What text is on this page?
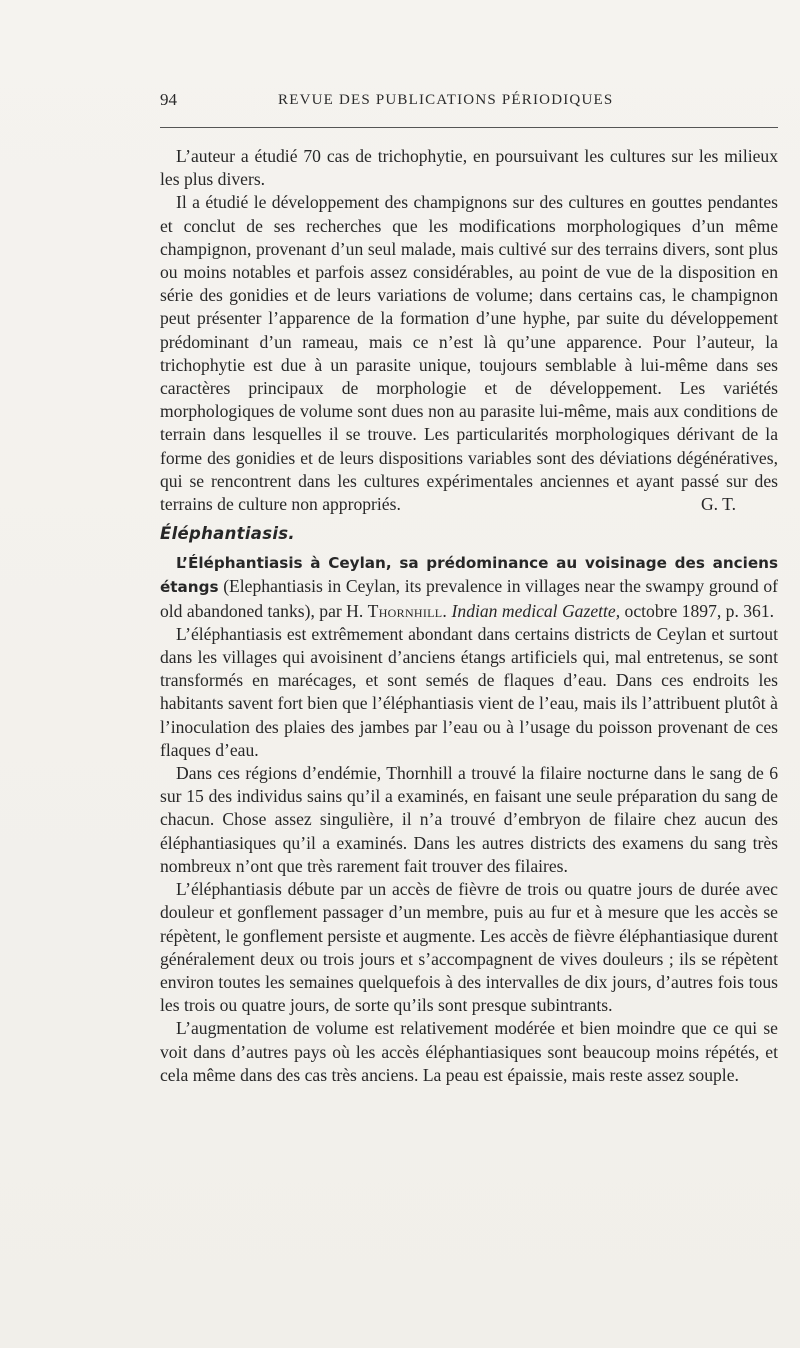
94	REVUE DES PUBLICATIONS PÉRIODIQUES

L’auteur a étudié 70 cas de trichophytie, en poursuivant les cultures sur les milieux les plus divers.

Il a étudié le développement des champignons sur des cultures en gouttes pendantes et conclut de ses recherches que les modifications morphologiques d’un même champignon, provenant d’un seul malade, mais cultivé sur des terrains divers, sont plus ou moins notables et parfois assez considérables, au point de vue de la disposition en série des gonidies et de leurs variations de volume; dans certains cas, le champignon peut présenter l’apparence de la formation d’une hyphe, par suite du développement prédominant d’un rameau, mais ce n’est là qu’une apparence. Pour l’auteur, la trichophytie est due à un parasite unique, toujours semblable à lui-même dans ses caractères principaux de morphologie et de développement. Les variétés morphologiques de volume sont dues non au parasite lui-même, mais aux conditions de terrain dans lesquelles il se trouve. Les particularités morphologiques dérivant de la forme des gonidies et de leurs dispositions variables sont des déviations dégénératives, qui se rencontrent dans les cultures expérimentales anciennes et ayant passé sur des terrains de culture non appropriés.	G. T.

Éléphantiasis.

L’Éléphantiasis à Ceylan, sa prédominance au voisinage des anciens étangs (Elephantiasis in Ceylan, its prevalence in villages near the swampy ground of old abandoned tanks), par H. Thornhill. Indian medical Gazette, octobre 1897, p. 361.

L’éléphantiasis est extrêmement abondant dans certains districts de Ceylan et surtout dans les villages qui avoisinent d’anciens étangs artificiels qui, mal entretenus, se sont transformés en marécages, et sont semés de flaques d’eau. Dans ces endroits les habitants savent fort bien que l’éléphantiasis vient de l’eau, mais ils l’attribuent plutôt à l’inoculation des plaies des jambes par l’eau ou à l’usage du poisson provenant de ces flaques d’eau.

Dans ces régions d’endémie, Thornhill a trouvé la filaire nocturne dans le sang de 6 sur 15 des individus sains qu’il a examinés, en faisant une seule préparation du sang de chacun. Chose assez singulière, il n’a trouvé d’embryon de filaire chez aucun des éléphantiasiques qu’il a examinés. Dans les autres districts des examens du sang très nombreux n’ont que très rarement fait trouver des filaires.

L’éléphantiasis débute par un accès de fièvre de trois ou quatre jours de durée avec douleur et gonflement passager d’un membre, puis au fur et à mesure que les accès se répètent, le gonflement persiste et augmente. Les accès de fièvre éléphantiasique durent généralement deux ou trois jours et s’accompagnent de vives douleurs ; ils se répètent environ toutes les semaines quelquefois à des intervalles de dix jours, d’autres fois tous les trois ou quatre jours, de sorte qu’ils sont presque subintrants.

L’augmentation de volume est relativement modérée et bien moindre que ce qui se voit dans d’autres pays où les accès éléphantiasiques sont beaucoup moins répétés, et cela même dans des cas très anciens. La peau est épaissie, mais reste assez souple.
